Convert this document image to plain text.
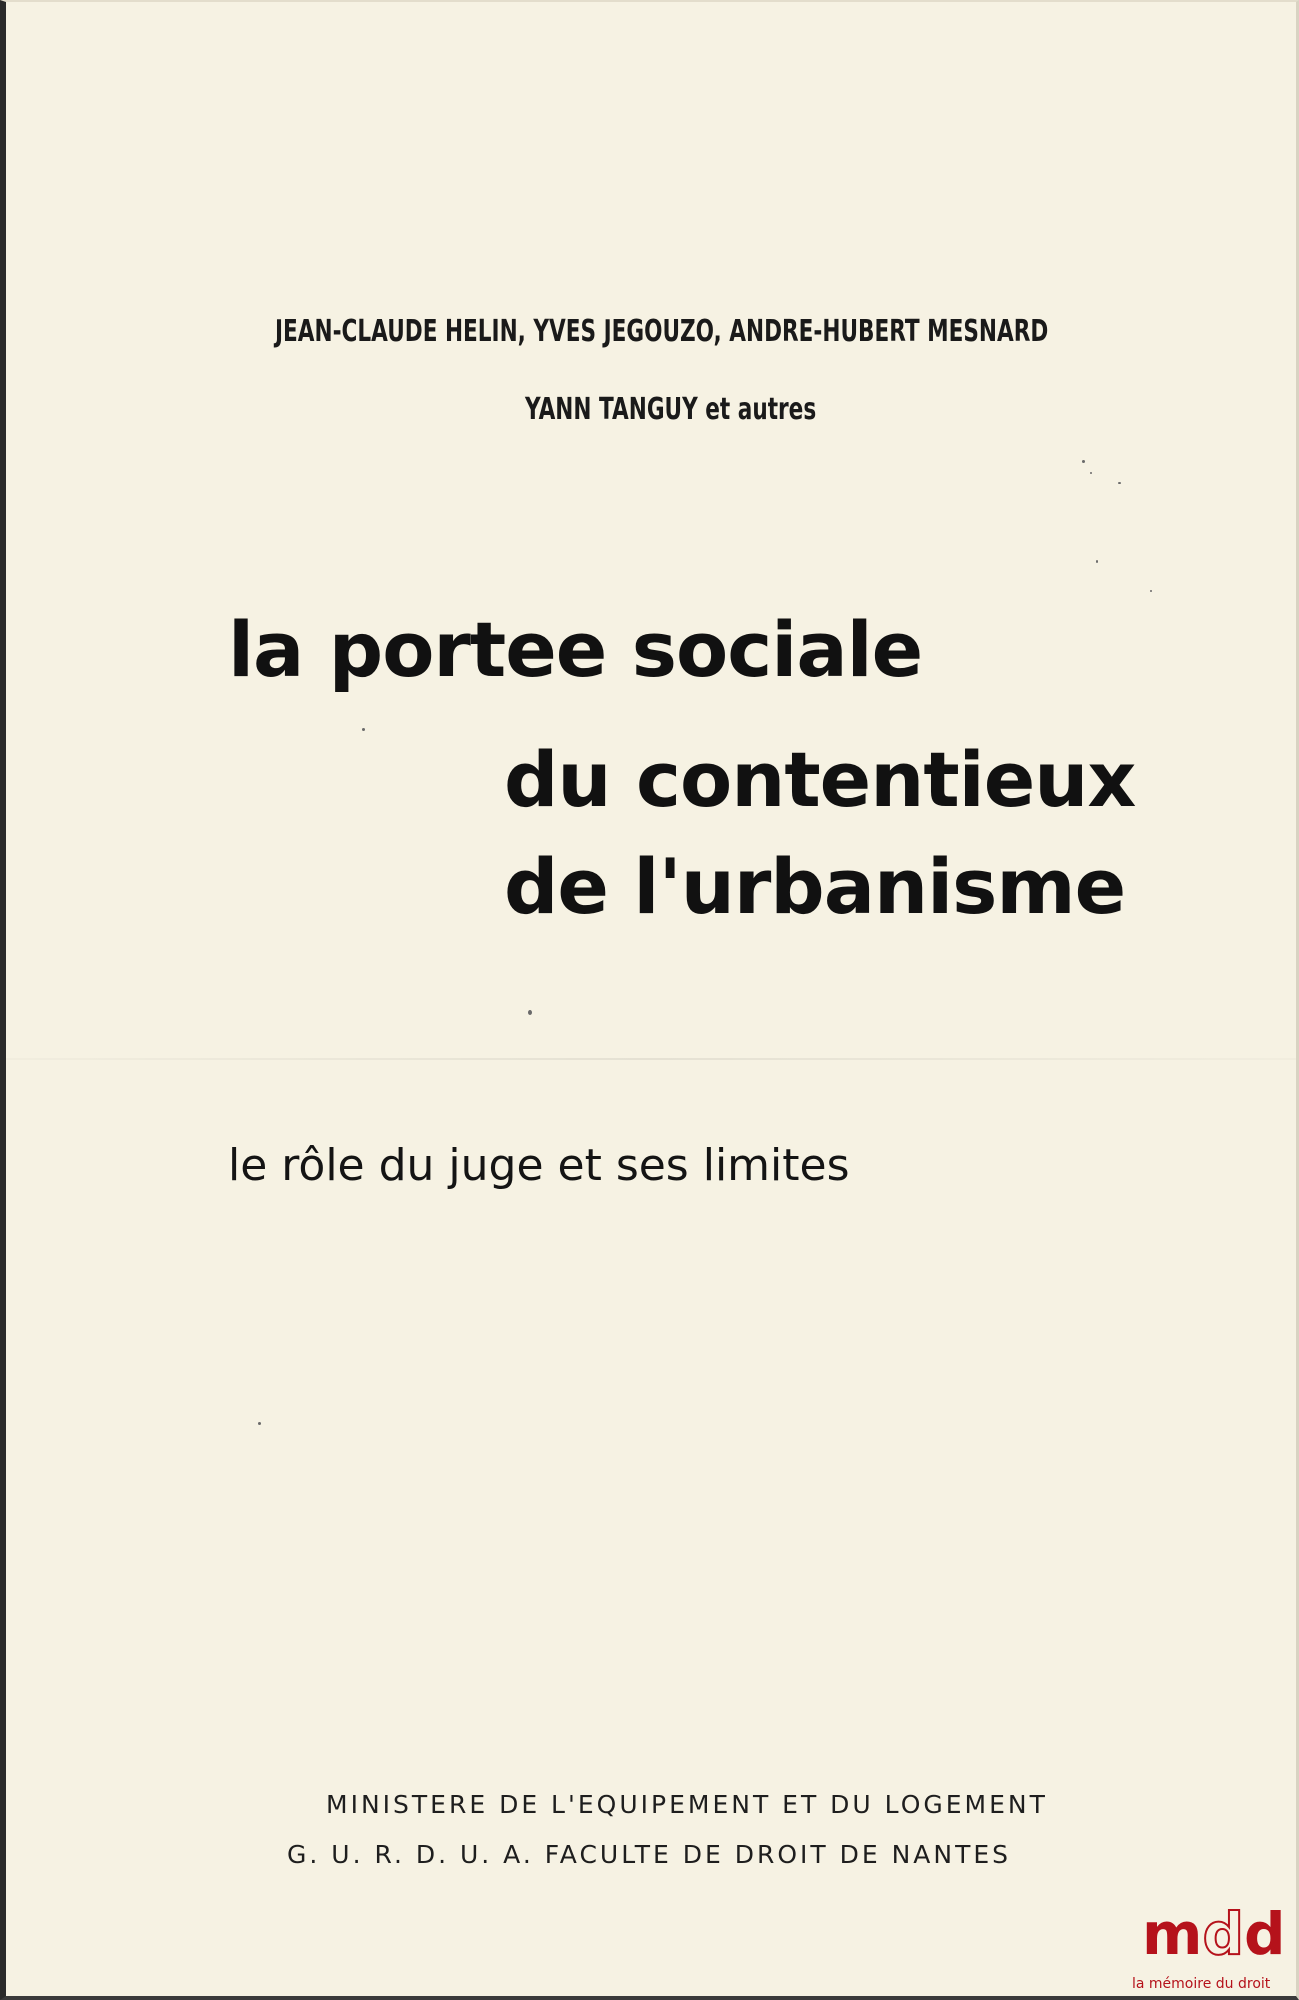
JEAN-CLAUDE HELIN, YVES JEGOUZO, ANDRE-HUBERT MESNARD
YANN TANGUY et autres
la portee sociale
du contentieux
de l'urbanisme
le rôle du juge et ses limites
MINISTERE DE L'EQUIPEMENT ET DU LOGEMENT
G. U. R. D. U. A. FACULTE DE DROIT DE NANTES
mdd
la mémoire du droit
